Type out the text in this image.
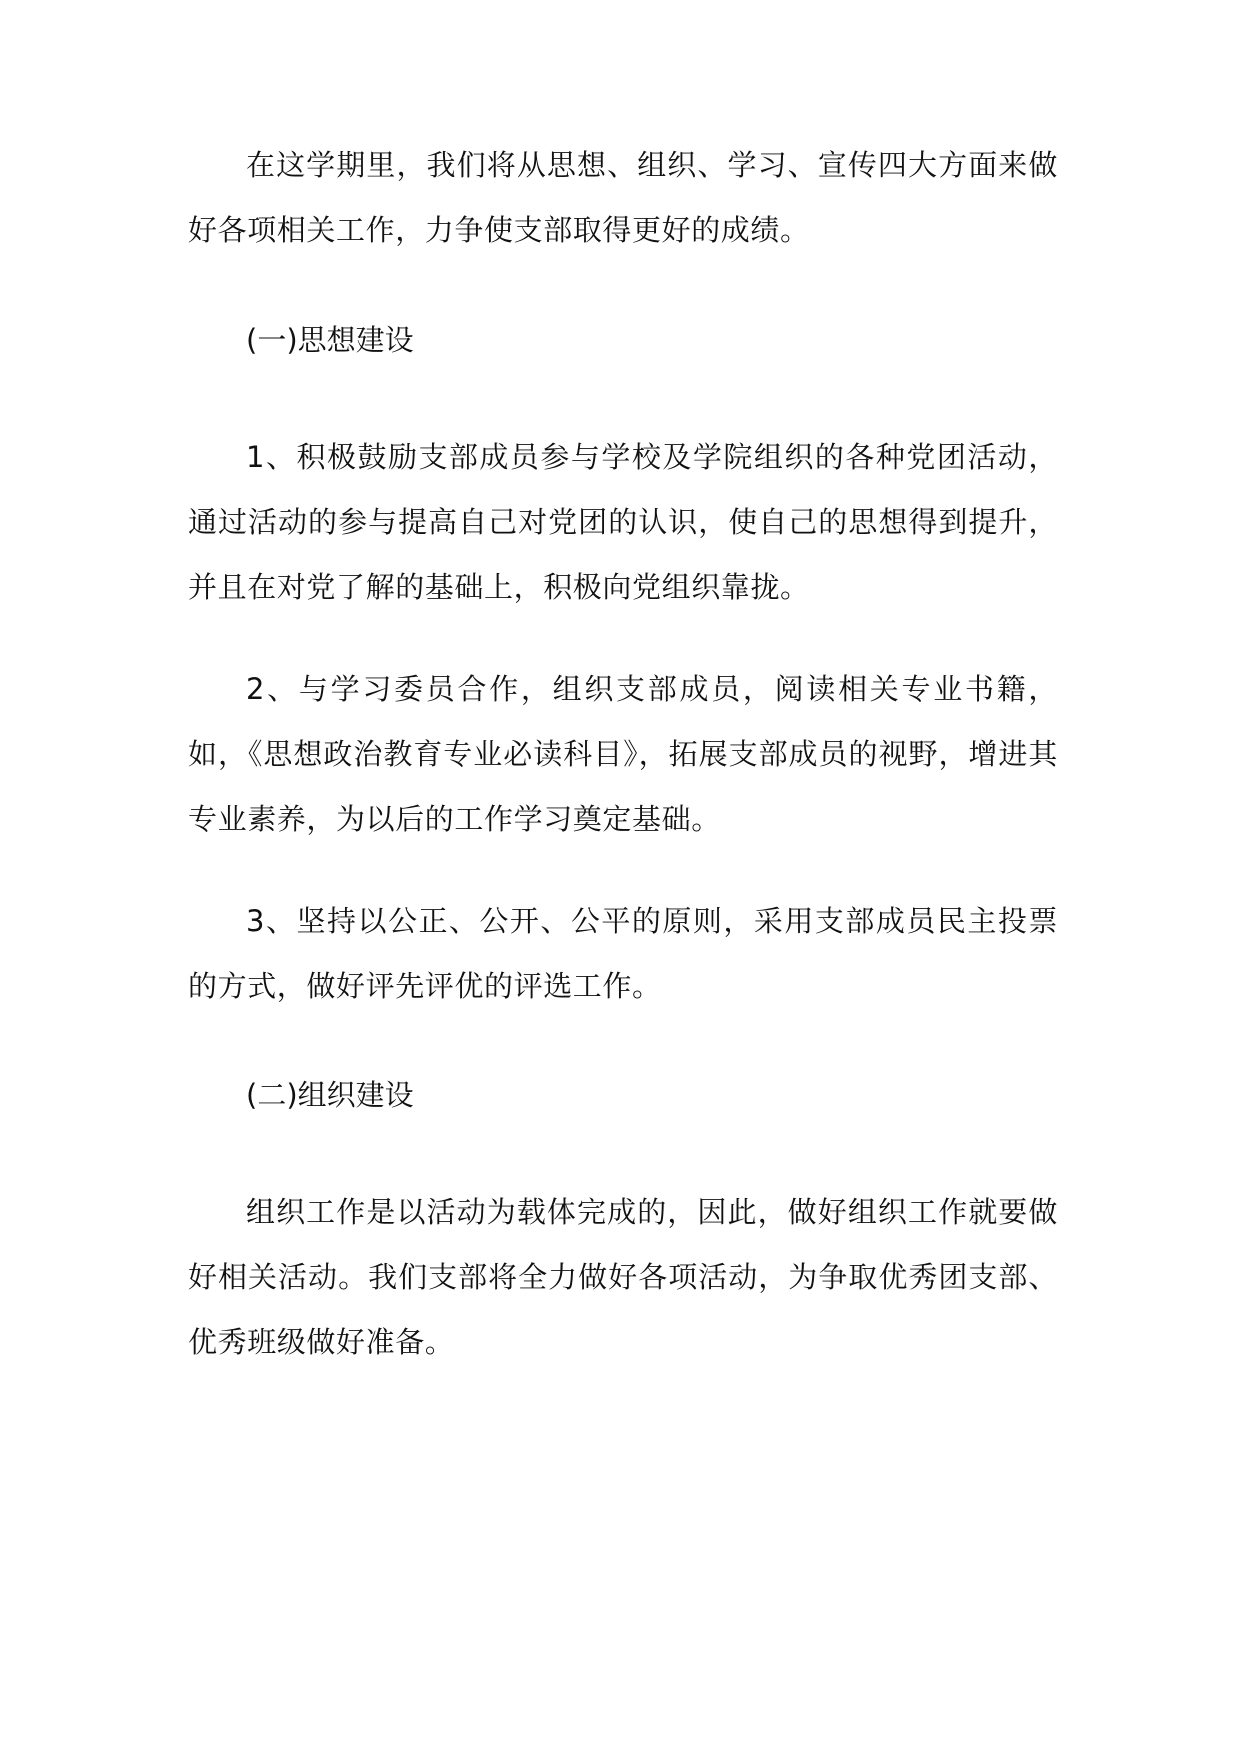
在这学期里，我们将从思想、组织、学习、宣传四大方面来做好各项相关工作，力争使支部取得更好的成绩。

(一)思想建设

1、积极鼓励支部成员参与学校及学院组织的各种党团活动，通过活动的参与提高自己对党团的认识，使自己的思想得到提升，并且在对党了解的基础上，积极向党组织靠拢。

2、与学习委员合作，组织支部成员，阅读相关专业书籍，如，《思想政治教育专业必读科目》，拓展支部成员的视野，增进其专业素养，为以后的工作学习奠定基础。

3、坚持以公正、公开、公平的原则，采用支部成员民主投票的方式，做好评先评优的评选工作。

(二)组织建设

组织工作是以活动为载体完成的，因此，做好组织工作就要做好相关活动。我们支部将全力做好各项活动，为争取优秀团支部、优秀班级做好准备。
